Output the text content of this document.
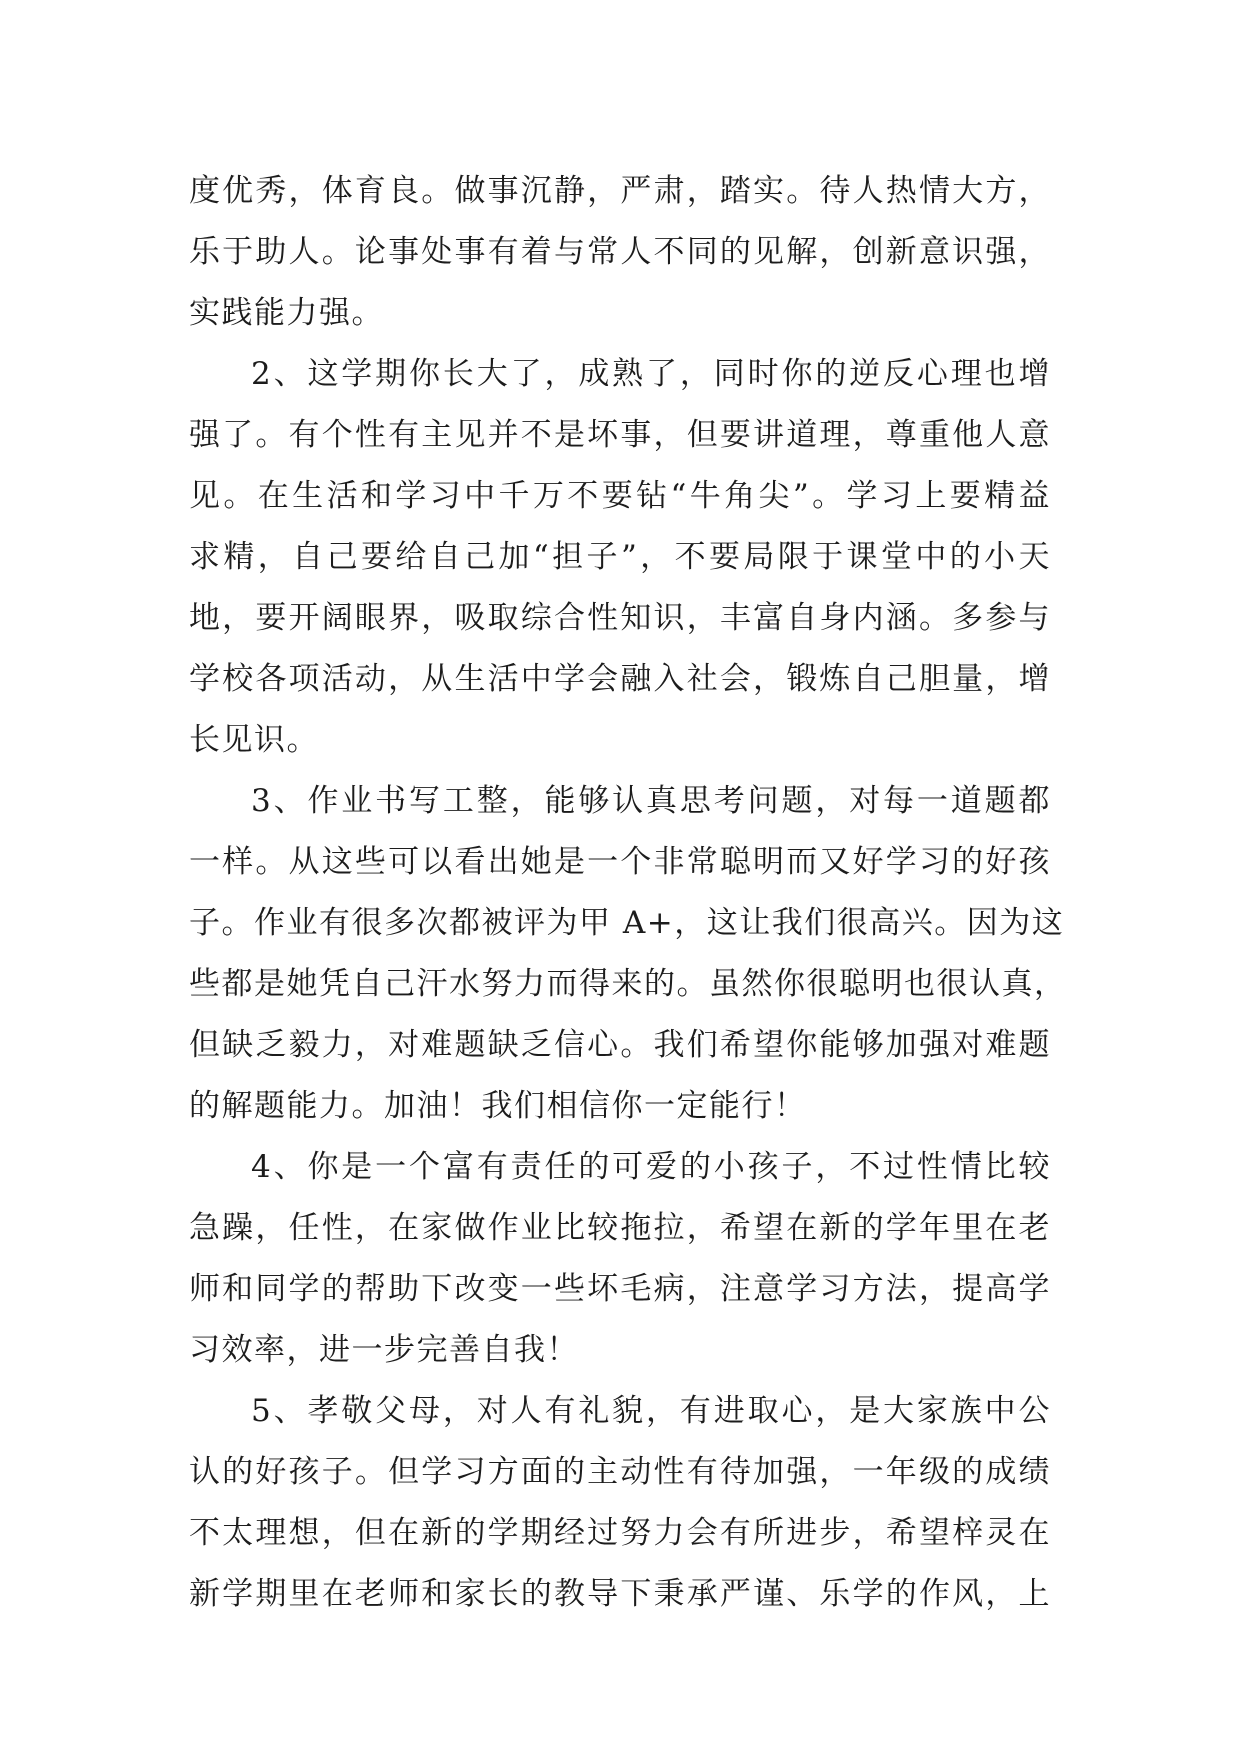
度优秀，体育良。做事沉静，严肃，踏实。待人热情大方，
乐于助人。论事处事有着与常人不同的见解，创新意识强，
实践能力强。
2、这学期你长大了，成熟了，同时你的逆反心理也增
强了。有个性有主见并不是坏事，但要讲道理，尊重他人意
见。在生活和学习中千万不要钻“牛角尖”。学习上要精益
求精，自己要给自己加“担子”，不要局限于课堂中的小天
地，要开阔眼界，吸取综合性知识，丰富自身内涵。多参与
学校各项活动，从生活中学会融入社会，锻炼自己胆量，增
长见识。
3、作业书写工整，能够认真思考问题，对每一道题都
一样。从这些可以看出她是一个非常聪明而又好学习的好孩
子。作业有很多次都被评为甲 A+，这让我们很高兴。因为这
些都是她凭自己汗水努力而得来的。虽然你很聪明也很认真，
但缺乏毅力，对难题缺乏信心。我们希望你能够加强对难题
的解题能力。加油！我们相信你一定能行！
4、你是一个富有责任的可爱的小孩子，不过性情比较
急躁，任性，在家做作业比较拖拉，希望在新的学年里在老
师和同学的帮助下改变一些坏毛病，注意学习方法，提高学
习效率，进一步完善自我！
5、孝敬父母，对人有礼貌，有进取心，是大家族中公
认的好孩子。但学习方面的主动性有待加强，一年级的成绩
不太理想，但在新的学期经过努力会有所进步，希望梓灵在
新学期里在老师和家长的教导下秉承严谨、乐学的作风，上
